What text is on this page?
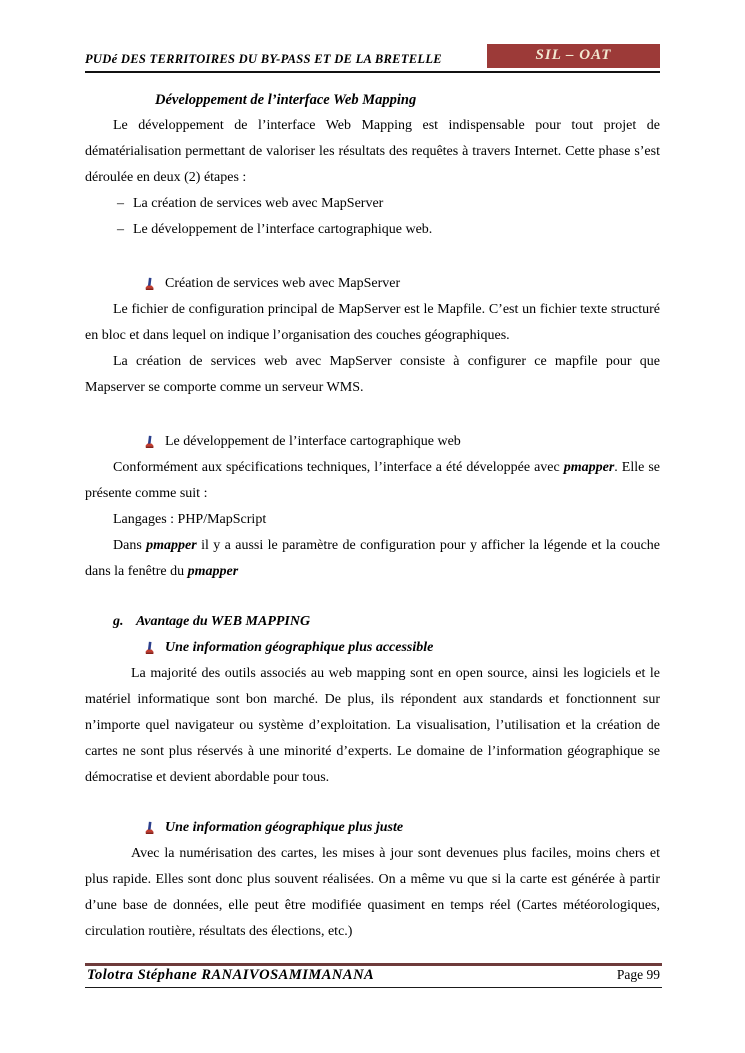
PUDé DES TERRITOIRES DU BY-PASS ET DE LA BRETELLE	SIL – OAT
Développement de l’interface Web Mapping

Le développement de l’interface Web Mapping est indispensable pour tout projet de dématérialisation permettant de valoriser les résultats des requêtes à travers Internet. Cette phase s’est déroulée en deux (2) étapes :

– La création de services web avec MapServer
– Le développement de l’interface cartographique web.
Création de services web avec MapServer

Le fichier de configuration principal de MapServer est le Mapfile. C’est un fichier texte structuré en bloc et dans lequel on indique l’organisation des couches géographiques.

La création de services web avec MapServer consiste à configurer ce mapfile pour que Mapserver se comporte comme un serveur WMS.

Le développement de l’interface cartographique web

Conformément aux spécifications techniques, l’interface a été développée avec pmapper. Elle se présente comme suit :

Langages : PHP/MapScript

Dans pmapper il y a aussi le paramètre de configuration pour y afficher la légende et la couche dans la fenêtre du pmapper

g. Avantage du WEB MAPPING
Une information géographique plus accessible

La majorité des outils associés au web mapping sont en open source, ainsi les logiciels et le matériel informatique sont bon marché. De plus, ils répondent aux standards et fonctionnent sur n’importe quel navigateur ou système d’exploitation. La visualisation, l’utilisation et la création de cartes ne sont plus réservés à une minorité d’experts. Le domaine de l’information géographique se démocratise et devient abordable pour tous.

Une information géographique plus juste

Avec la numérisation des cartes, les mises à jour sont devenues plus faciles, moins chers et plus rapide. Elles sont donc plus souvent réalisées. On a même vu que si la carte est générée à partir d’une base de données, elle peut être modifiée quasiment en temps réel (Cartes météorologiques, circulation routière, résultats des élections, etc.)

Tolotra Stéphane RANAIVOSAMIMANANA	Page 99
